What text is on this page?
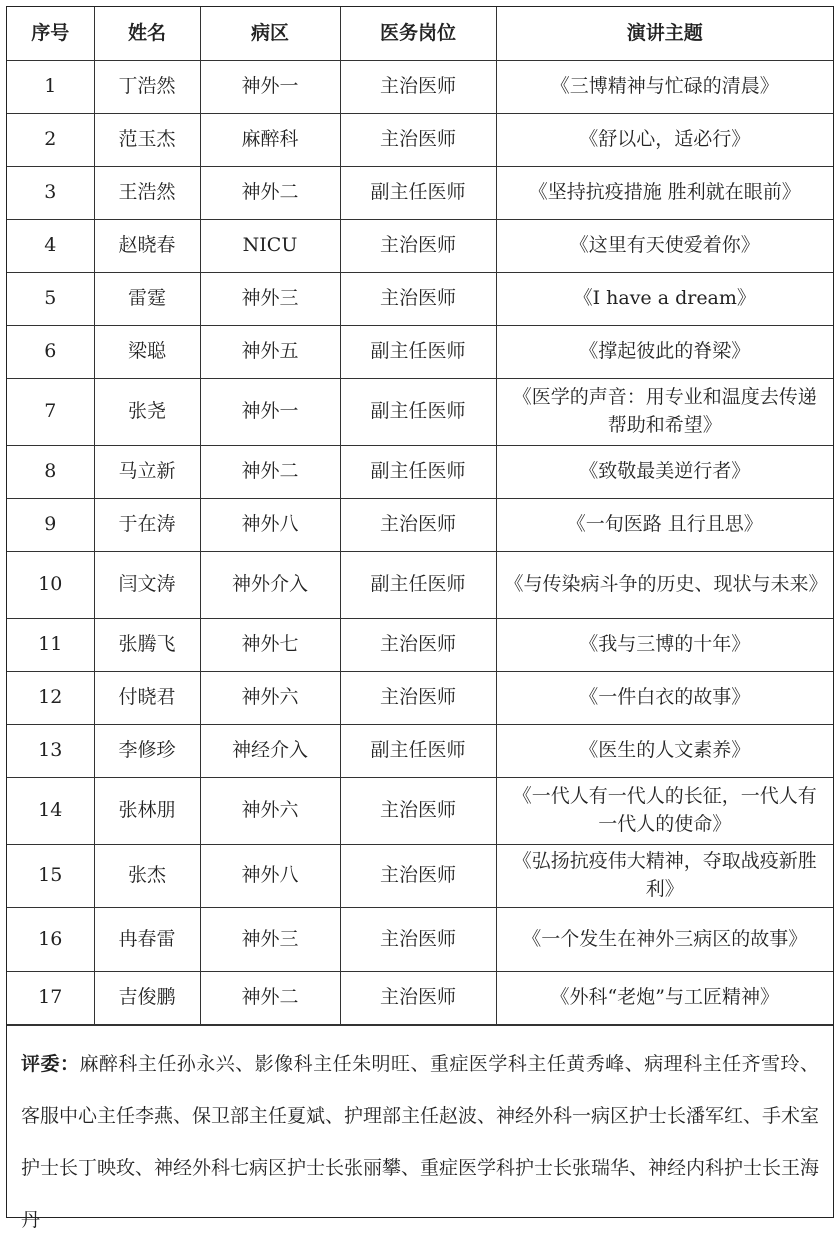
序号	姓名	病区	医务岗位	演讲主题
1	丁浩然	神外一	主治医师	《三博精神与忙碌的清晨》
2	范玉杰	麻醉科	主治医师	《舒以心，适必行》
3	王浩然	神外二	副主任医师	《坚持抗疫措施 胜利就在眼前》
4	赵晓春	NICU	主治医师	《这里有天使爱着你》
5	雷霆	神外三	主治医师	《I have a dream》
6	梁聪	神外五	副主任医师	《撑起彼此的脊梁》
7	张尧	神外一	副主任医师	《医学的声音：用专业和温度去传递帮助和希望》
8	马立新	神外二	副主任医师	《致敬最美逆行者》
9	于在涛	神外八	主治医师	《一旬医路 且行且思》
10	闫文涛	神外介入	副主任医师	《与传染病斗争的历史、现状与未来》
11	张腾飞	神外七	主治医师	《我与三博的十年》
12	付晓君	神外六	主治医师	《一件白衣的故事》
13	李修珍	神经介入	副主任医师	《医生的人文素养》
14	张林朋	神外六	主治医师	《一代人有一代人的长征，一代人有一代人的使命》
15	张杰	神外八	主治医师	《弘扬抗疫伟大精神，夺取战疫新胜利》
16	冉春雷	神外三	主治医师	《一个发生在神外三病区的故事》
17	吉俊鹏	神外二	主治医师	《外科“老炮”与工匠精神》
评委：麻醉科主任孙永兴、影像科主任朱明旺、重症医学科主任黄秀峰、病理科主任齐雪玲、客服中心主任李燕、保卫部主任夏斌、护理部主任赵波、神经外科一病区护士长潘军红、手术室护士长丁映玫、神经外科七病区护士长张丽攀、重症医学科护士长张瑞华、神经内科护士长王海丹
